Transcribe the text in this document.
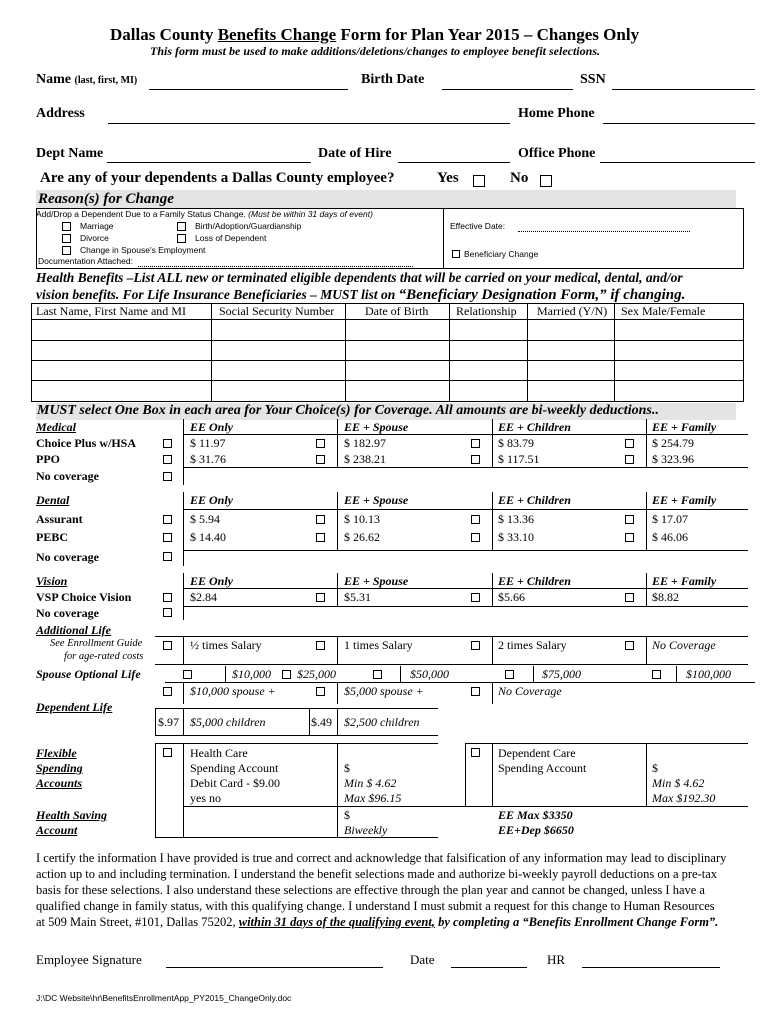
Dallas County Benefits Change Form for Plan Year 2015 – Changes Only
This form must be used to make additions/deletions/changes to employee benefit selections.
Name (last, first, MI)	Birth Date	SSN
Address	Home Phone
Dept Name	Date of Hire	Office Phone
Are any of your dependents a Dallas County employee?	Yes	No
Reason(s) for Change
Add/Drop a Dependent Due to a Family Status Change. (Must be within 31 days of event)
Marriage	Birth/Adoption/Guardianship
Divorce	Loss of Dependent
Change in Spouse's Employment
Documentation Attached:
Effective Date:
Beneficiary Change
Health Benefits –List ALL new or terminated eligible dependents that will be carried on your medical, dental, and/or
vision benefits. For Life Insurance Beneficiaries – MUST list on “Beneficiary Designation Form,” if changing.
Last Name, First Name and MI	Social Security Number	Date of Birth Relationship Married (Y/N) Sex Male/Female
MUST select One Box in each area for Your Choice(s) for Coverage. All amounts are bi-weekly deductions..
Medical	EE Only	EE + Spouse	EE + Children	EE + Family
Choice Plus w/HSA	$ 11.97	$ 182.97	$ 83.79	$ 254.79
PPO	$ 31.76	$ 238.21	$ 117.51	$ 323.96
No coverage
Dental	EE Only	EE + Spouse	EE + Children	EE + Family
Assurant	$ 5.94	$ 10.13	$ 13.36	$ 17.07
PEBC	$ 14.40	$ 26.62	$ 33.10	$ 46.06
No coverage
Vision	EE Only	EE + Spouse	EE + Children	EE + Family
VSP Choice Vision	$2.84	$5.31	$5.66	$8.82
No coverage
Additional Life
See Enrollment Guide
for age-rated costs
½ times Salary	1 times Salary	2 times Salary	No Coverage
Spouse Optional Life	$10,000 $25,000	$50,000	$75,000	$100,000
$10,000 spouse +	$5,000 spouse +	No Coverage
Dependent Life
$.97 $5,000 children	$.49 $2,500 children
Flexible
Spending
Accounts
Health Care
Spending Account	$
Debit Card - $9.00
yes no
Min $ 4.62
Max $96.15
Dependent Care
Spending Account	$
Min $ 4.62
Max $192.30
Health Saving
Account
$
Biweekly
EE Max $3350
EE+Dep $6650
I certify the information I have provided is true and correct and acknowledge that falsification of any information may lead to disciplinary
action up to and including termination. I understand the benefit selections made and authorize bi-weekly payroll deductions on a pre-tax
basis for these selections. I also understand these selections are effective through the plan year and cannot be changed, unless I have a
qualified change in family status, with this qualifying change. I understand I must submit a request for this change to Human Resources
at 509 Main Street, #101, Dallas 75202, within 31 days of the qualifying event, by completing a “Benefits Enrollment Change Form”.
Employee Signature	Date	HR
J:\DC Website\hr\BenefitsEnrollmentApp_PY2015_ChangeOnly.doc
